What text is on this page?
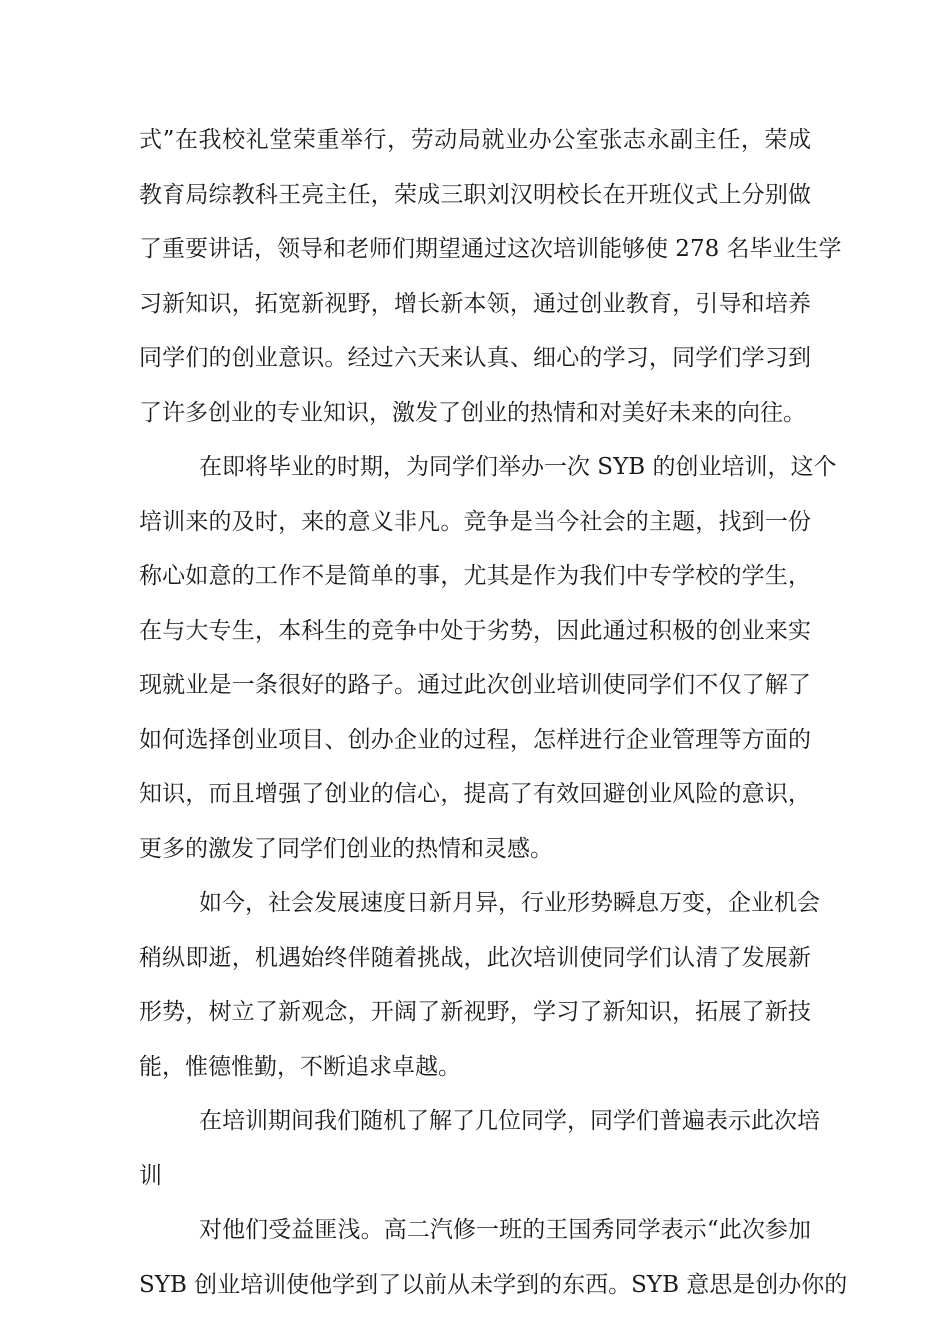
式”在我校礼堂荣重举行，劳动局就业办公室张志永副主任，荣成
教育局综教科王亮主任，荣成三职刘汉明校长在开班仪式上分别做
了重要讲话，领导和老师们期望通过这次培训能够使 278 名毕业生学
习新知识，拓宽新视野，增长新本领，通过创业教育，引导和培养
同学们的创业意识。经过六天来认真、细心的学习，同学们学习到
了许多创业的专业知识，激发了创业的热情和对美好未来的向往。
在即将毕业的时期，为同学们举办一次 SYB 的创业培训，这个
培训来的及时，来的意义非凡。竞争是当今社会的主题，找到一份
称心如意的工作不是简单的事，尤其是作为我们中专学校的学生，
在与大专生，本科生的竞争中处于劣势，因此通过积极的创业来实
现就业是一条很好的路子。通过此次创业培训使同学们不仅了解了
如何选择创业项目、创办企业的过程，怎样进行企业管理等方面的
知识，而且增强了创业的信心，提高了有效回避创业风险的意识，
更多的激发了同学们创业的热情和灵感。
如今，社会发展速度日新月异，行业形势瞬息万变，企业机会
稍纵即逝，机遇始终伴随着挑战，此次培训使同学们认清了发展新
形势，树立了新观念，开阔了新视野，学习了新知识，拓展了新技
能，惟德惟勤，不断追求卓越。
在培训期间我们随机了解了几位同学，同学们普遍表示此次培
训
对他们受益匪浅。高二汽修一班的王国秀同学表示“此次参加
SYB 创业培训使他学到了以前从未学到的东西。SYB 意思是创办你的
